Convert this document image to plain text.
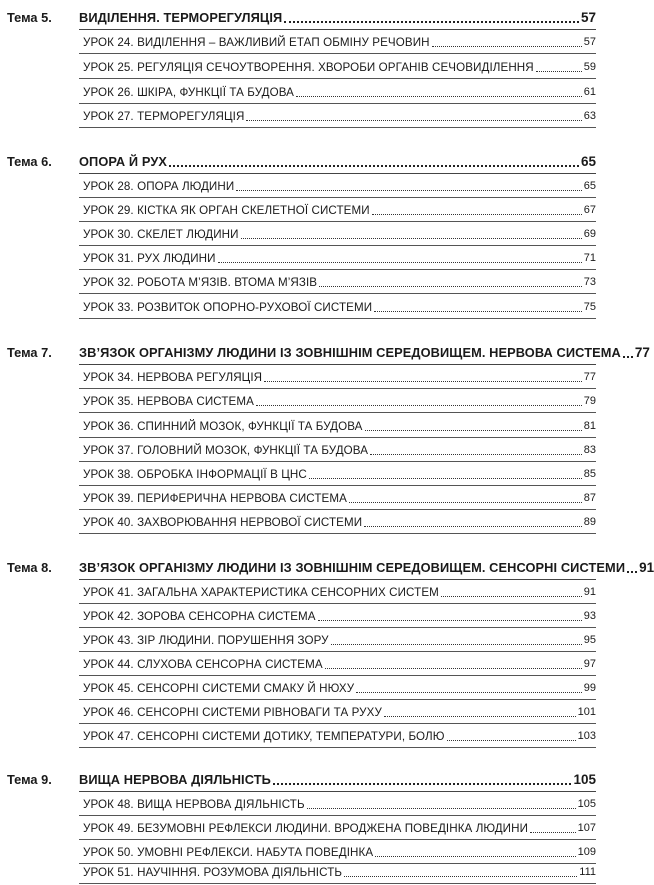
Тема 5.	ВИДІЛЕННЯ. ТЕРМОРЕГУЛЯЦІЯ	57
УРОК 24. ВИДІЛЕННЯ – ВАЖЛИВИЙ ЕТАП ОБМІНУ РЕЧОВИН	57
УРОК 25. РЕГУЛЯЦІЯ СЕЧОУТВОРЕННЯ. ХВОРОБИ ОРГАНІВ СЕЧОВИДІЛЕННЯ	59
УРОК 26. ШКІРА, ФУНКЦІЇ ТА БУДОВА	61
УРОК 27. ТЕРМОРЕГУЛЯЦІЯ	63
Тема 6.	ОПОРА Й РУХ	65
УРОК 28. ОПОРА ЛЮДИНИ	65
УРОК 29. КІСТКА ЯК ОРГАН СКЕЛЕТНОЇ СИСТЕМИ	67
УРОК 30. СКЕЛЕТ ЛЮДИНИ	69
УРОК 31. РУХ ЛЮДИНИ	71
УРОК 32. РОБОТА М’ЯЗІВ. ВТОМА М’ЯЗІВ	73
УРОК 33. РОЗВИТОК ОПОРНО-РУХОВОЇ СИСТЕМИ	75
Тема 7.	ЗВ’ЯЗОК ОРГАНІЗМУ ЛЮДИНИ ІЗ ЗОВНІШНІМ СЕРЕДОВИЩЕМ. НЕРВОВА СИСТЕМА 77
УРОК 34. НЕРВОВА РЕГУЛЯЦІЯ	77
УРОК 35. НЕРВОВА СИСТЕМА	79
УРОК 36. СПИННИЙ МОЗОК, ФУНКЦІЇ ТА БУДОВА	81
УРОК 37. ГОЛОВНИЙ МОЗОК, ФУНКЦІЇ ТА БУДОВА	83
УРОК 38. ОБРОБКА ІНФОРМАЦІЇ В ЦНС	85
УРОК 39. ПЕРИФЕРИЧНА НЕРВОВА СИСТЕМА	87
УРОК 40. ЗАХВОРЮВАННЯ НЕРВОВОЇ СИСТЕМИ	89
Тема 8.	ЗВ’ЯЗОК ОРГАНІЗМУ ЛЮДИНИ ІЗ ЗОВНІШНІМ СЕРЕДОВИЩЕМ. СЕНСОРНІ СИСТЕМИ 91
УРОК 41. ЗАГАЛЬНА ХАРАКТЕРИСТИКА СЕНСОРНИХ СИСТЕМ	91
УРОК 42. ЗОРОВА СЕНСОРНА СИСТЕМА	93
УРОК 43. ЗІР ЛЮДИНИ. ПОРУШЕННЯ ЗОРУ	95
УРОК 44. СЛУХОВА СЕНСОРНА СИСТЕМА	97
УРОК 45. СЕНСОРНІ СИСТЕМИ СМАКУ Й НЮХУ	99
УРОК 46. СЕНСОРНІ СИСТЕМИ РІВНОВАГИ ТА РУХУ	101
УРОК 47. СЕНСОРНІ СИСТЕМИ ДОТИКУ, ТЕМПЕРАТУРИ, БОЛЮ	103
Тема 9.	ВИЩА НЕРВОВА ДІЯЛЬНІСТЬ	105
УРОК 48. ВИЩА НЕРВОВА ДІЯЛЬНІСТЬ	105
УРОК 49. БЕЗУМОВНІ РЕФЛЕКСИ ЛЮДИНИ. ВРОДЖЕНА ПОВЕДІНКА ЛЮДИНИ	107
УРОК 50. УМОВНІ РЕФЛЕКСИ. НАБУТА ПОВЕДІНКА	109
УРОК 51. НАУЧІННЯ. РОЗУМОВА ДІЯЛЬНІСТЬ	111
